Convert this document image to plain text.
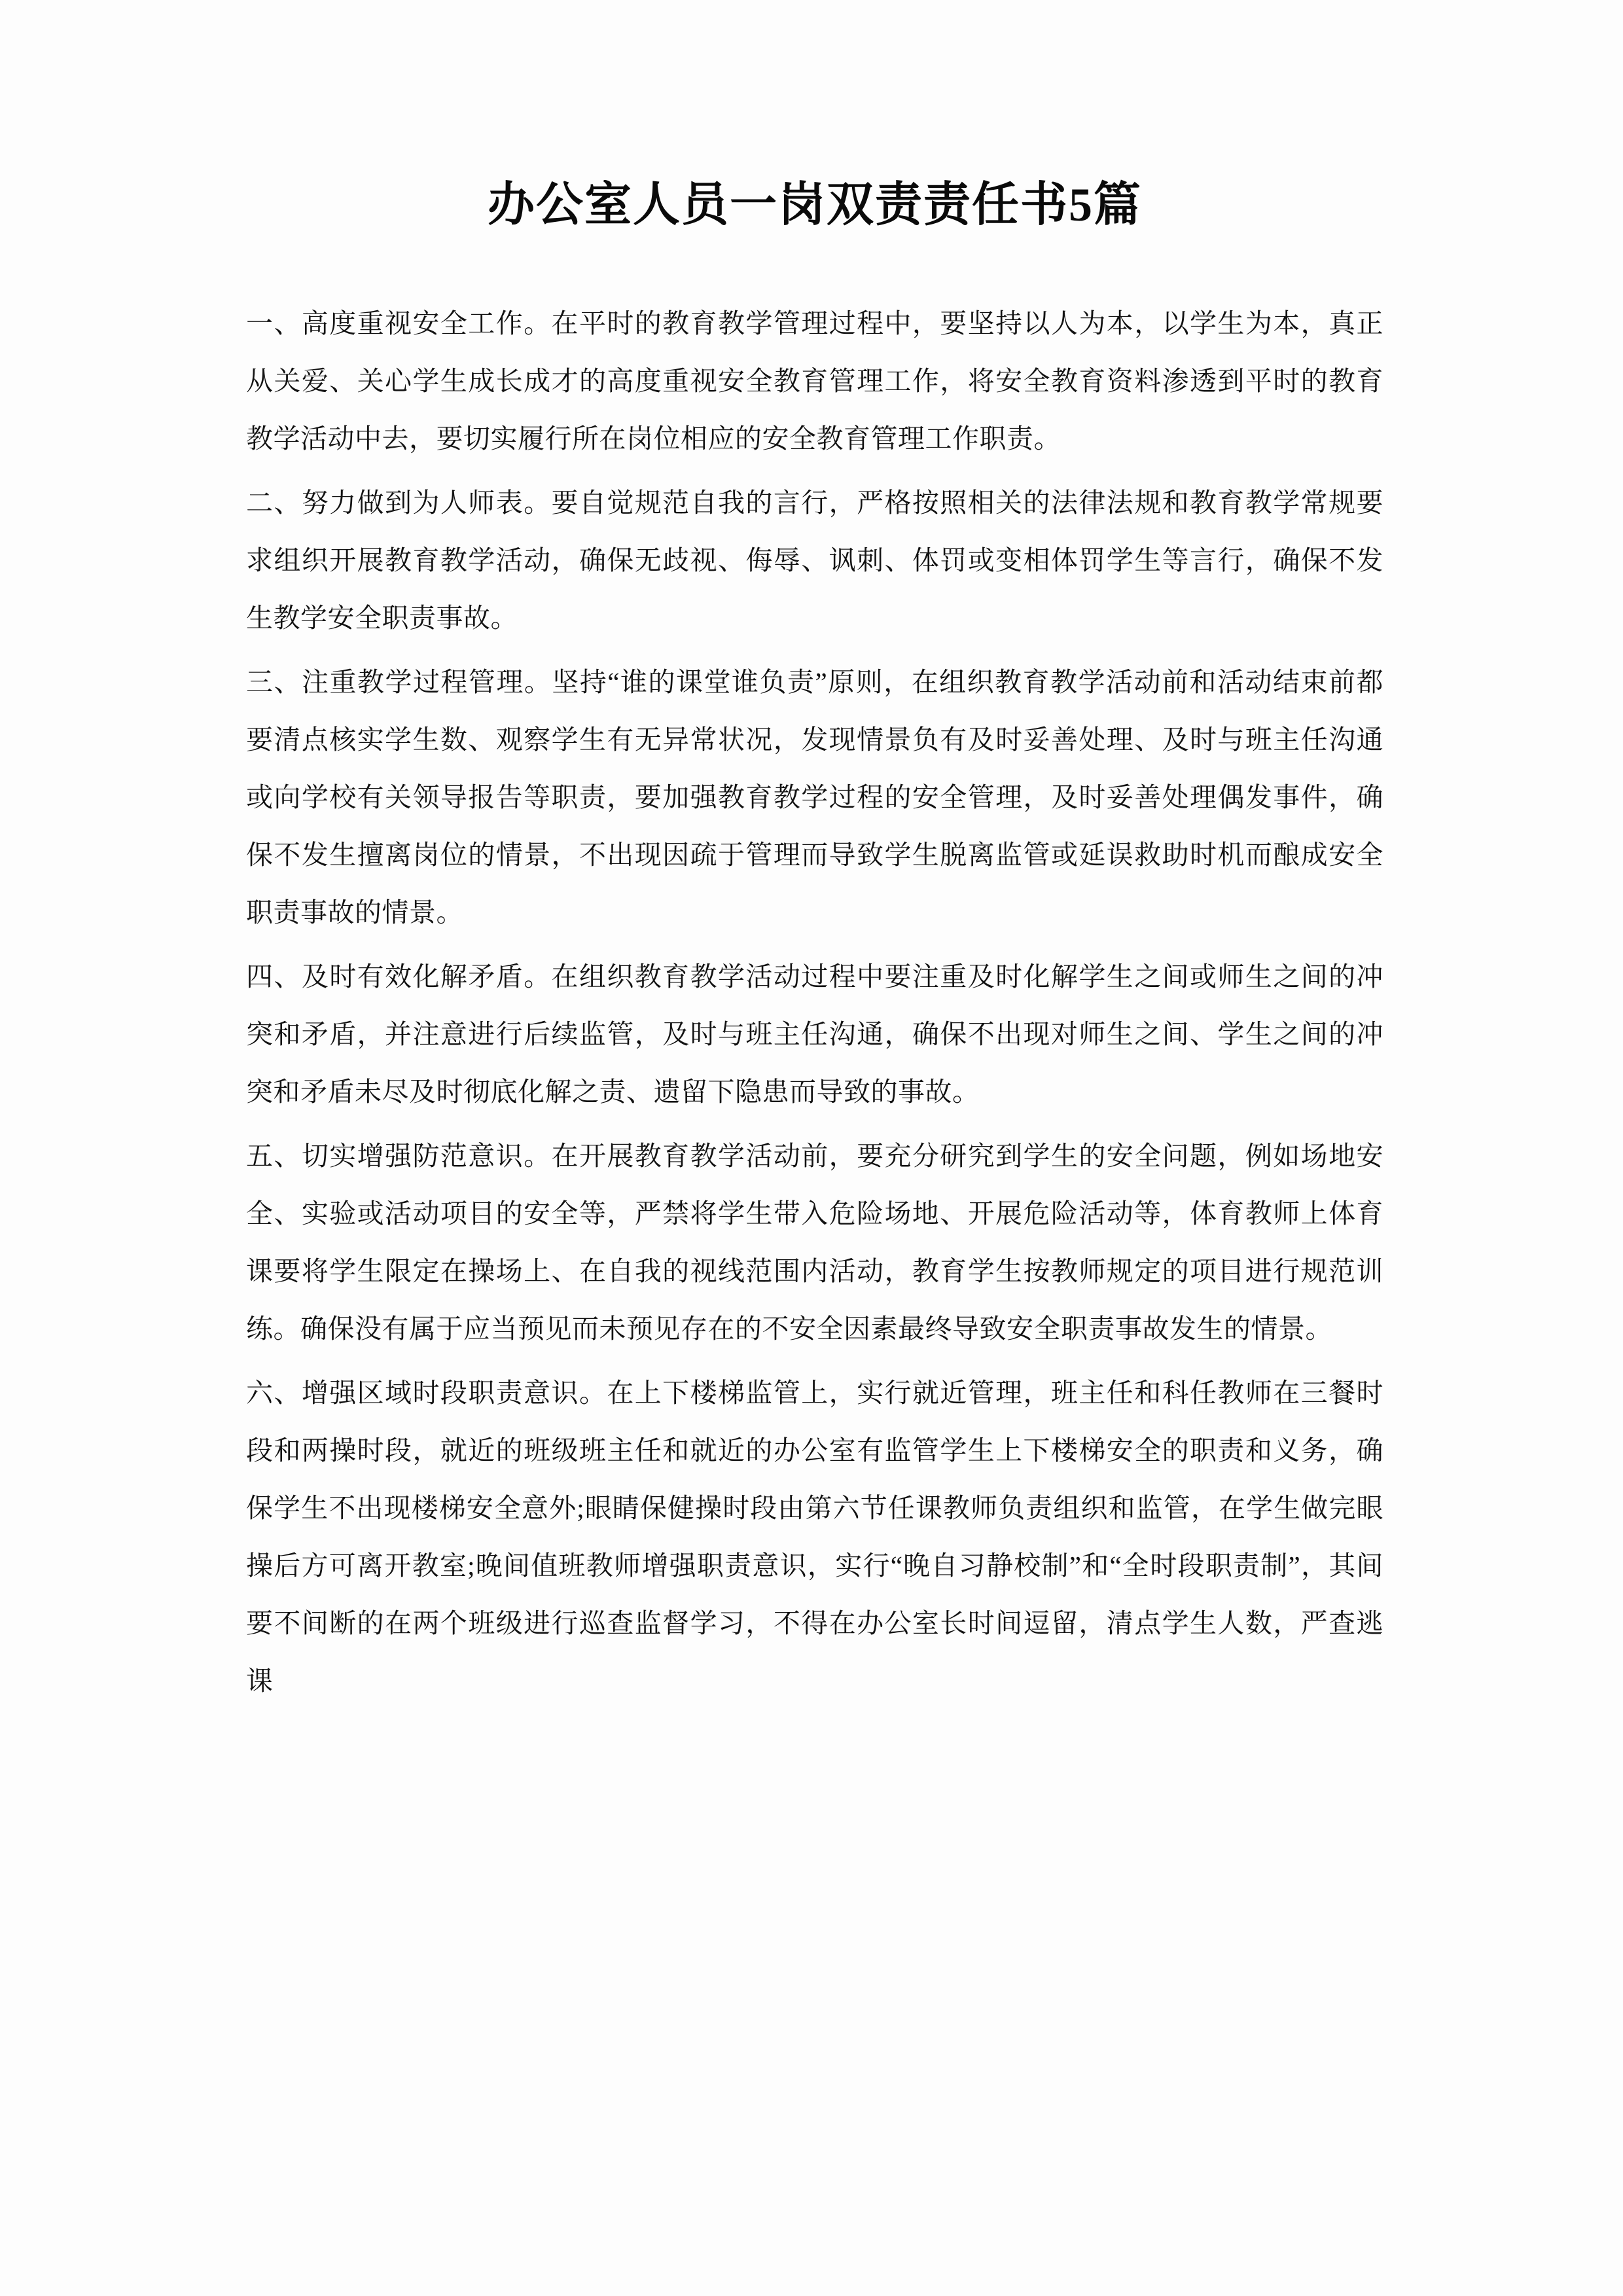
办公室人员一岗双责责任书5篇

一、高度重视安全工作。在平时的教育教学管理过程中，要坚持以人为本，以学生为本，真正从关爱、关心学生成长成才的高度重视安全教育管理工作，将安全教育资料渗透到平时的教育教学活动中去，要切实履行所在岗位相应的安全教育管理工作职责。

二、努力做到为人师表。要自觉规范自我的言行，严格按照相关的法律法规和教育教学常规要求组织开展教育教学活动，确保无歧视、侮辱、讽刺、体罚或变相体罚学生等言行，确保不发生教学安全职责事故。

三、注重教学过程管理。坚持“谁的课堂谁负责”原则，在组织教育教学活动前和活动结束前都要清点核实学生数、观察学生有无异常状况，发现情景负有及时妥善处理、及时与班主任沟通或向学校有关领导报告等职责，要加强教育教学过程的安全管理，及时妥善处理偶发事件，确保不发生擅离岗位的情景，不出现因疏于管理而导致学生脱离监管或延误救助时机而酿成安全职责事故的情景。

四、及时有效化解矛盾。在组织教育教学活动过程中要注重及时化解学生之间或师生之间的冲突和矛盾，并注意进行后续监管，及时与班主任沟通，确保不出现对师生之间、学生之间的冲突和矛盾未尽及时彻底化解之责、遗留下隐患而导致的事故。

五、切实增强防范意识。在开展教育教学活动前，要充分研究到学生的安全问题，例如场地安全、实验或活动项目的安全等，严禁将学生带入危险场地、开展危险活动等，体育教师上体育课要将学生限定在操场上、在自我的视线范围内活动，教育学生按教师规定的项目进行规范训练。确保没有属于应当预见而未预见存在的不安全因素最终导致安全职责事故发生的情景。

六、增强区域时段职责意识。在上下楼梯监管上，实行就近管理，班主任和科任教师在三餐时段和两操时段，就近的班级班主任和就近的办公室有监管学生上下楼梯安全的职责和义务，确保学生不出现楼梯安全意外;眼睛保健操时段由第六节任课教师负责组织和监管，在学生做完眼操后方可离开教室;晚间值班教师增强职责意识，实行“晚自习静校制”和“全时段职责制”，其间要不间断的在两个班级进行巡查监督学习，不得在办公室长时间逗留，清点学生人数，严查逃课
